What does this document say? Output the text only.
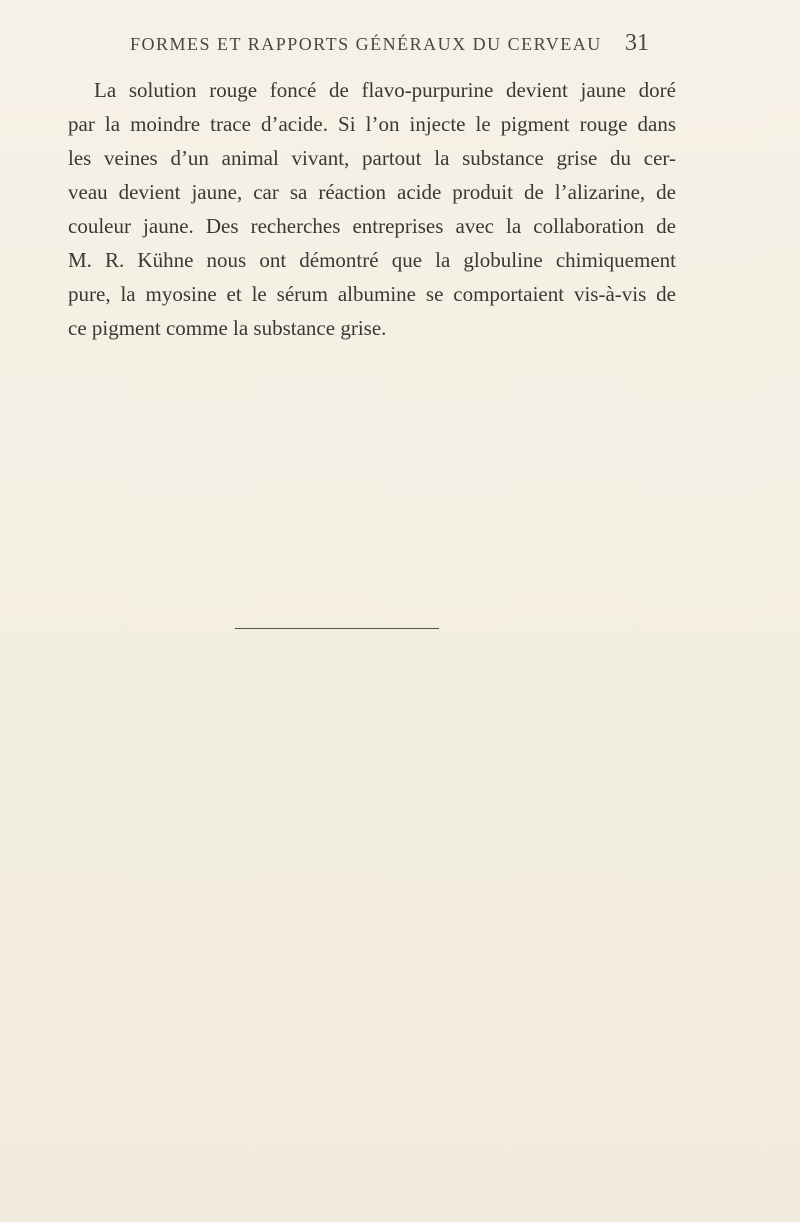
FORMES ET RAPPORTS GÉNÉRAUX DU CERVEAU 31

La solution rouge foncé de flavo-purpurine devient jaune doré
par la moindre trace d’acide. Si l’on injecte le pigment rouge dans
les veines d’un animal vivant, partout la substance grise du cer-
veau devient jaune, car sa réaction acide produit de l’alizarine, de
couleur jaune. Des recherches entreprises avec la collaboration de
M. R. Kühne nous ont démontré que la globuline chimiquement
pure, la myosine et le sérum albumine se comportaient vis-à-vis de
ce pigment comme la substance grise.
